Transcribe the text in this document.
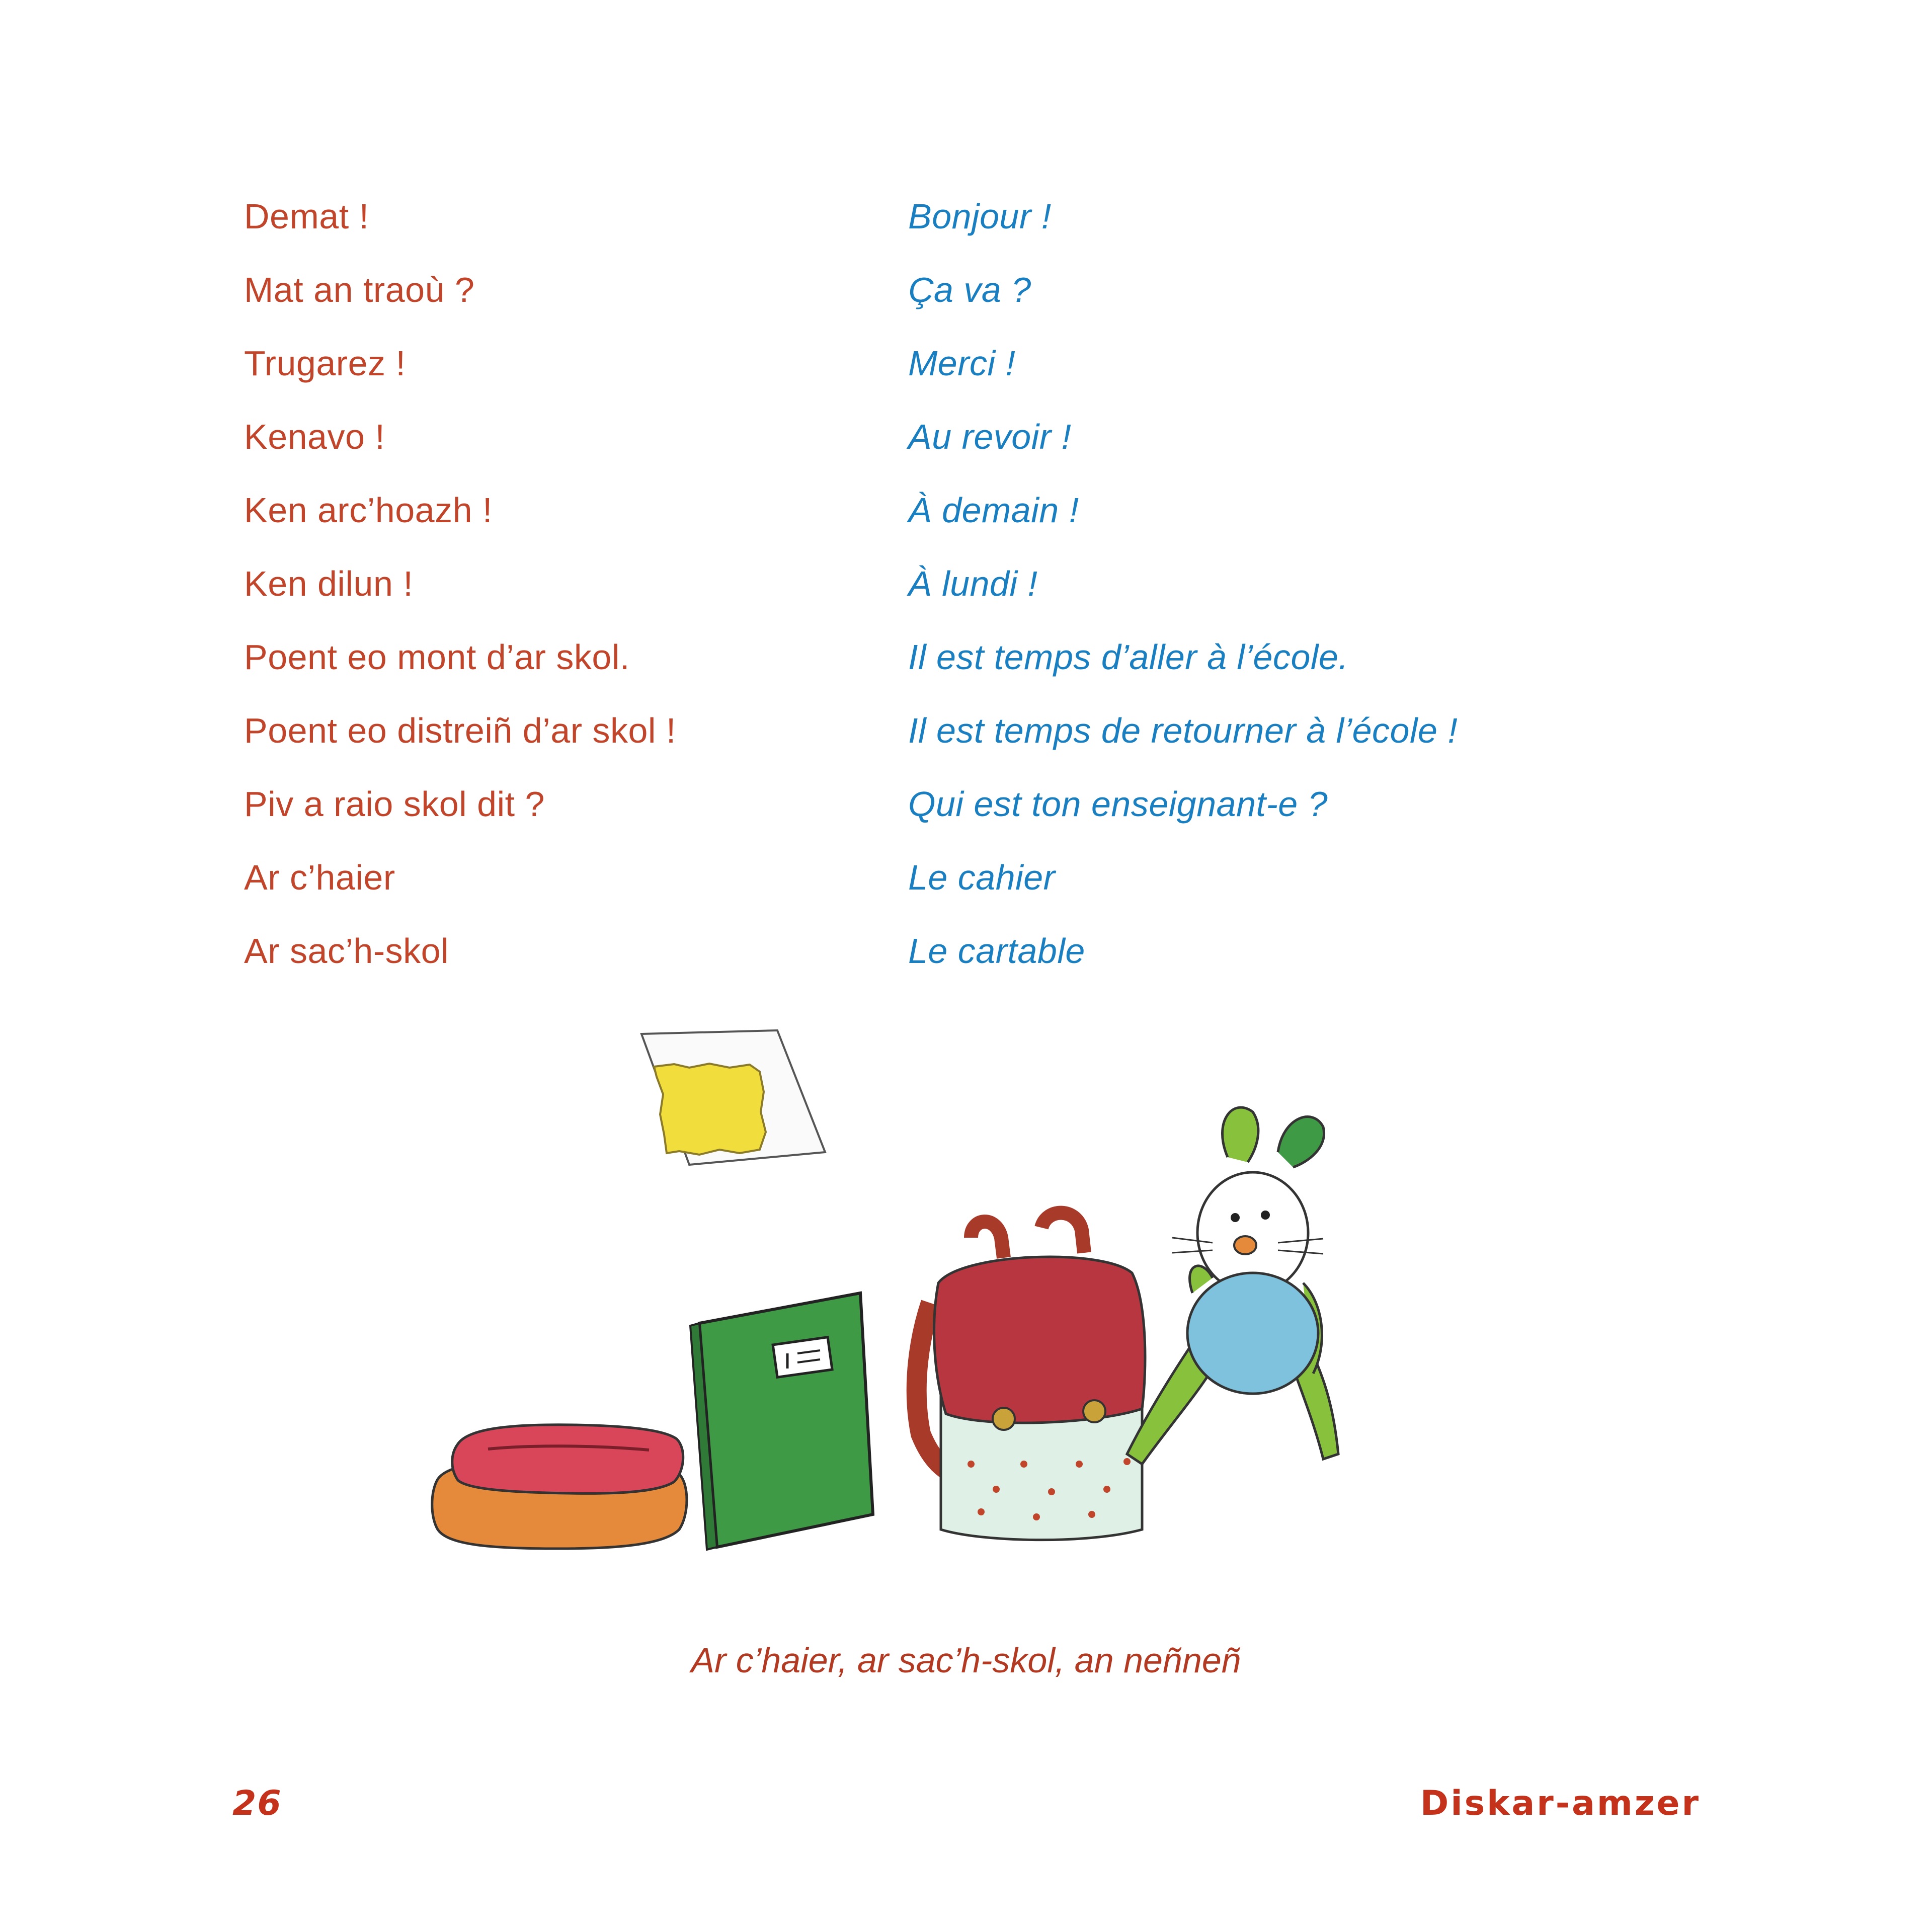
Demat !	Bonjour !
Mat an traoù ?	Ça va ?
Trugarez !	Merci !
Kenavo !	Au revoir !
Ken arc’hoazh !	À demain !
Ken dilun !	À lundi !
Poent eo mont d’ar skol.	Il est temps d’aller à l’école.
Poent eo distreiñ d’ar skol !	Il est temps de retourner à l’école !
Piv a raio skol dit ?	Qui est ton enseignant-e ?
Ar c’haier	Le cahier
Ar sac’h-skol	Le cartable
Ar c’haier, ar sac’h-skol, an neñneñ
26	Diskar-amzer
